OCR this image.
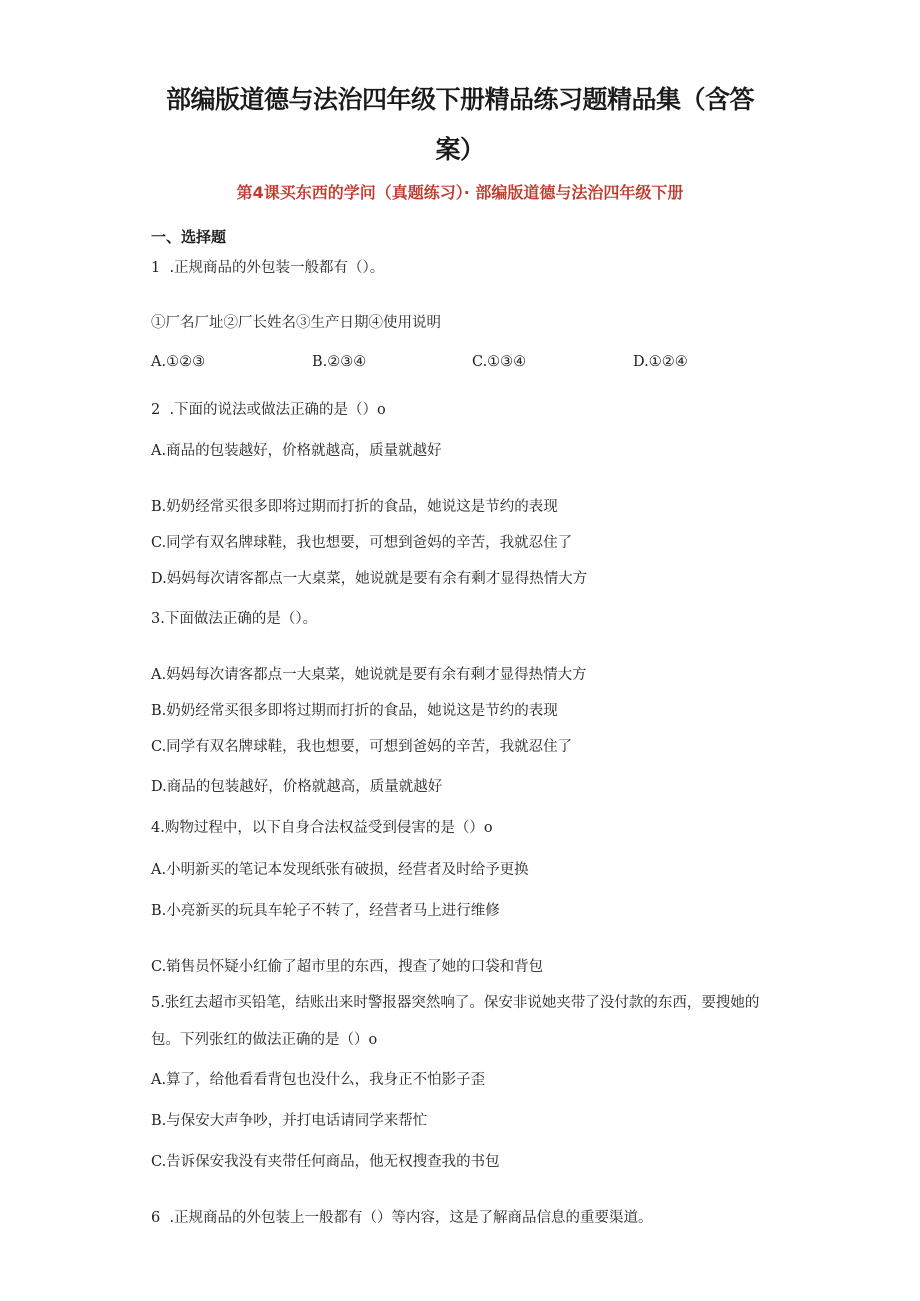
部编版道德与法治四年级下册精品练习题精品集（含答
案）
第4课买东西的学问（真题练习）· 部编版道德与法治四年级下册
一、选择题
1  .正规商品的外包装一般都有（）。
①厂名厂址②厂长姓名③生产日期④使用说明
A.①②③	B.②③④	C.①③④	D.①②④
2  .下面的说法或做法正确的是（）o
A.商品的包装越好，价格就越高，质量就越好
B.奶奶经常买很多即将过期而打折的食品，她说这是节约的表现
C.同学有双名牌球鞋，我也想要，可想到爸妈的辛苦，我就忍住了
D.妈妈每次请客都点一大桌菜，她说就是要有余有剩才显得热情大方
3.下面做法正确的是（）。
A.妈妈每次请客都点一大桌菜，她说就是要有余有剩才显得热情大方
B.奶奶经常买很多即将过期而打折的食品，她说这是节约的表现
C.同学有双名牌球鞋，我也想要，可想到爸妈的辛苦，我就忍住了
D.商品的包装越好，价格就越高，质量就越好
4.购物过程中，以下自身合法权益受到侵害的是（）o
A.小明新买的笔记本发现纸张有破损，经营者及时给予更换
B.小亮新买的玩具车轮子不转了，经营者马上进行维修
C.销售员怀疑小红偷了超市里的东西，搜查了她的口袋和背包
5.张红去超市买铅笔，结账出来时警报器突然响了。保安非说她夹带了没付款的东西，要搜她的
包。下列张红的做法正确的是（）o
A.算了，给他看看背包也没什么，我身正不怕影子歪
B.与保安大声争吵，并打电话请同学来帮忙
C.告诉保安我没有夹带任何商品，他无权搜查我的书包
6  .正规商品的外包装上一般都有（）等内容，这是了解商品信息的重要渠道。
